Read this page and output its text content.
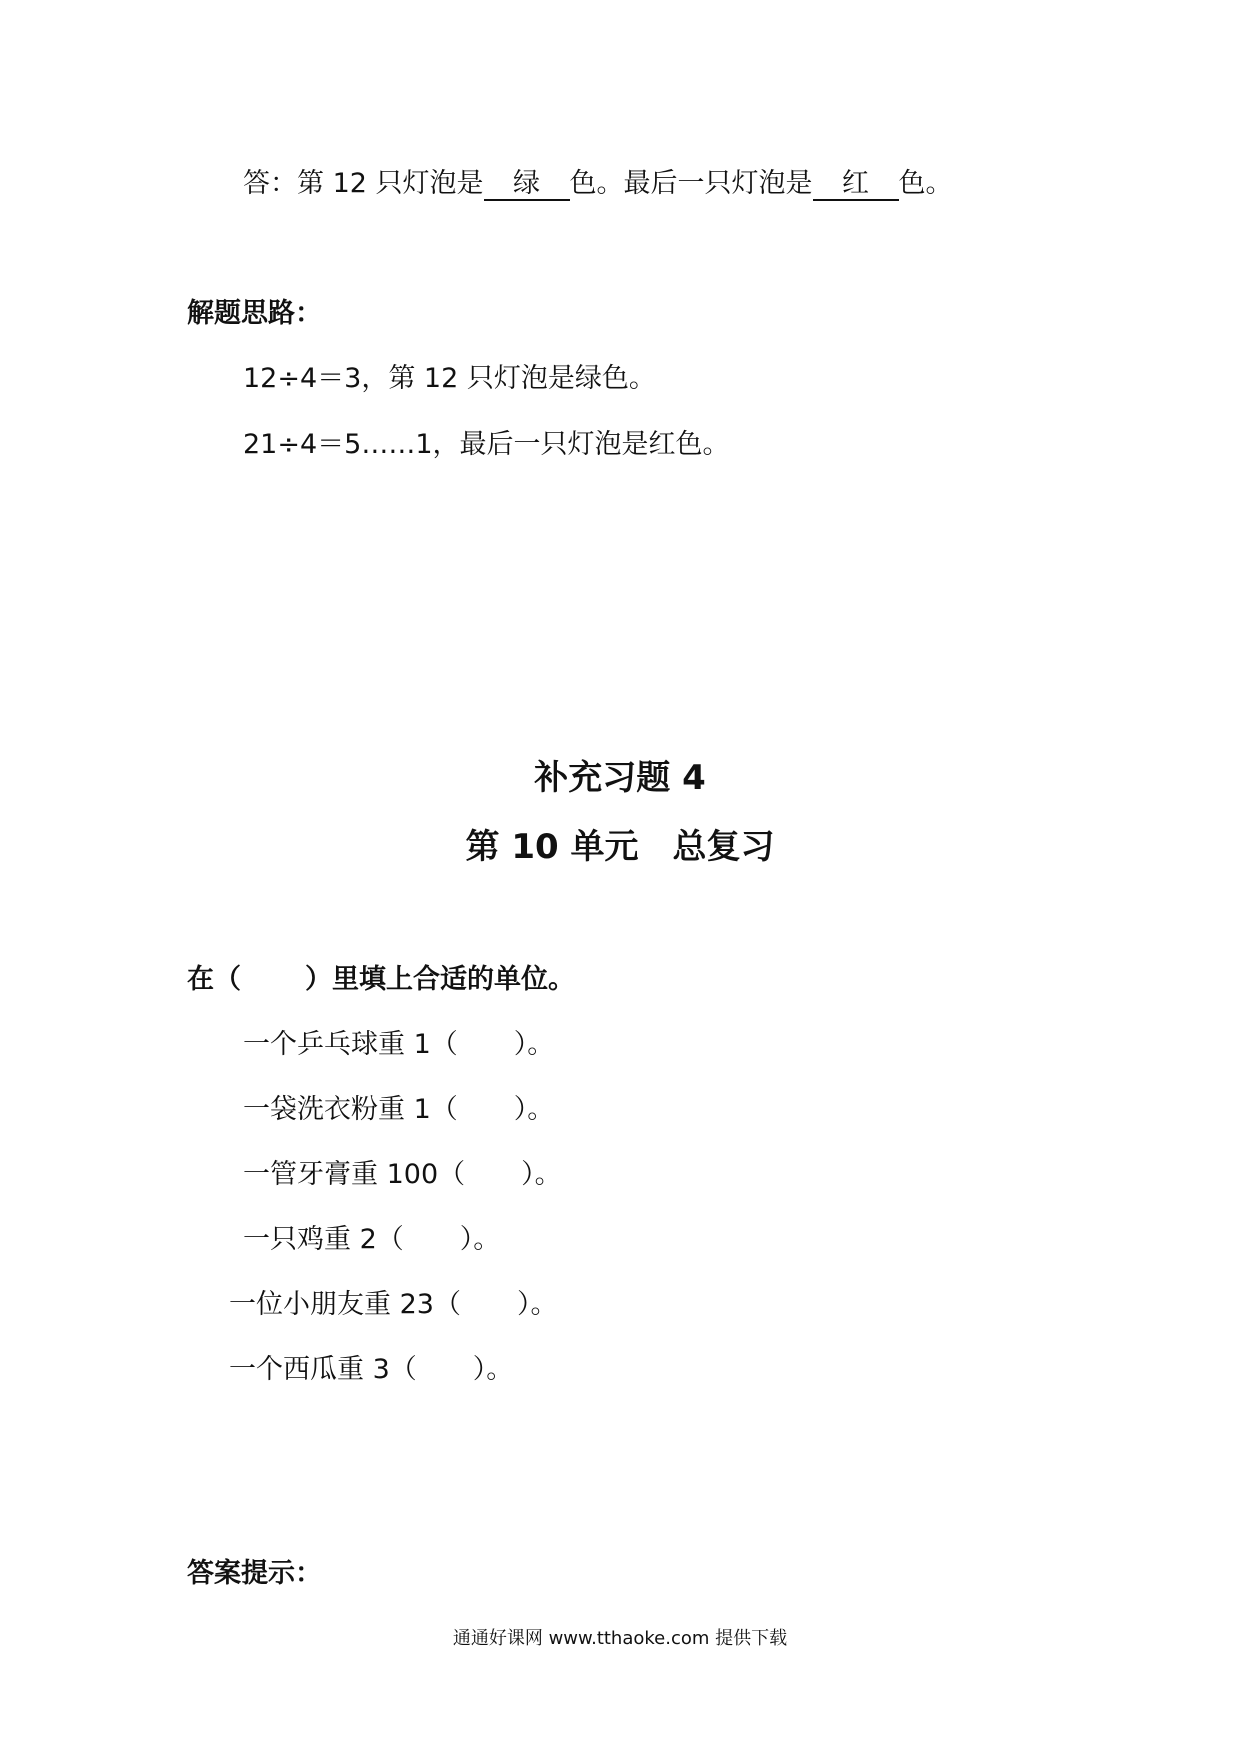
答：第 12 只灯泡是 绿 色。最后一只灯泡是 红 色。
解题思路：
12÷4＝3，第 12 只灯泡是绿色。
21÷4＝5……1，最后一只灯泡是红色。
补充习题 4
第 10 单元　总复习
在（ ）里填上合适的单位。
一个乒乓球重 1（ ）。
一袋洗衣粉重 1（ ）。
一管牙膏重 100（ ）。
一只鸡重 2（ ）。
一位小朋友重 23（ ）。
一个西瓜重 3（ ）。
答案提示：
通通好课网 www.tthaoke.com 提供下载
